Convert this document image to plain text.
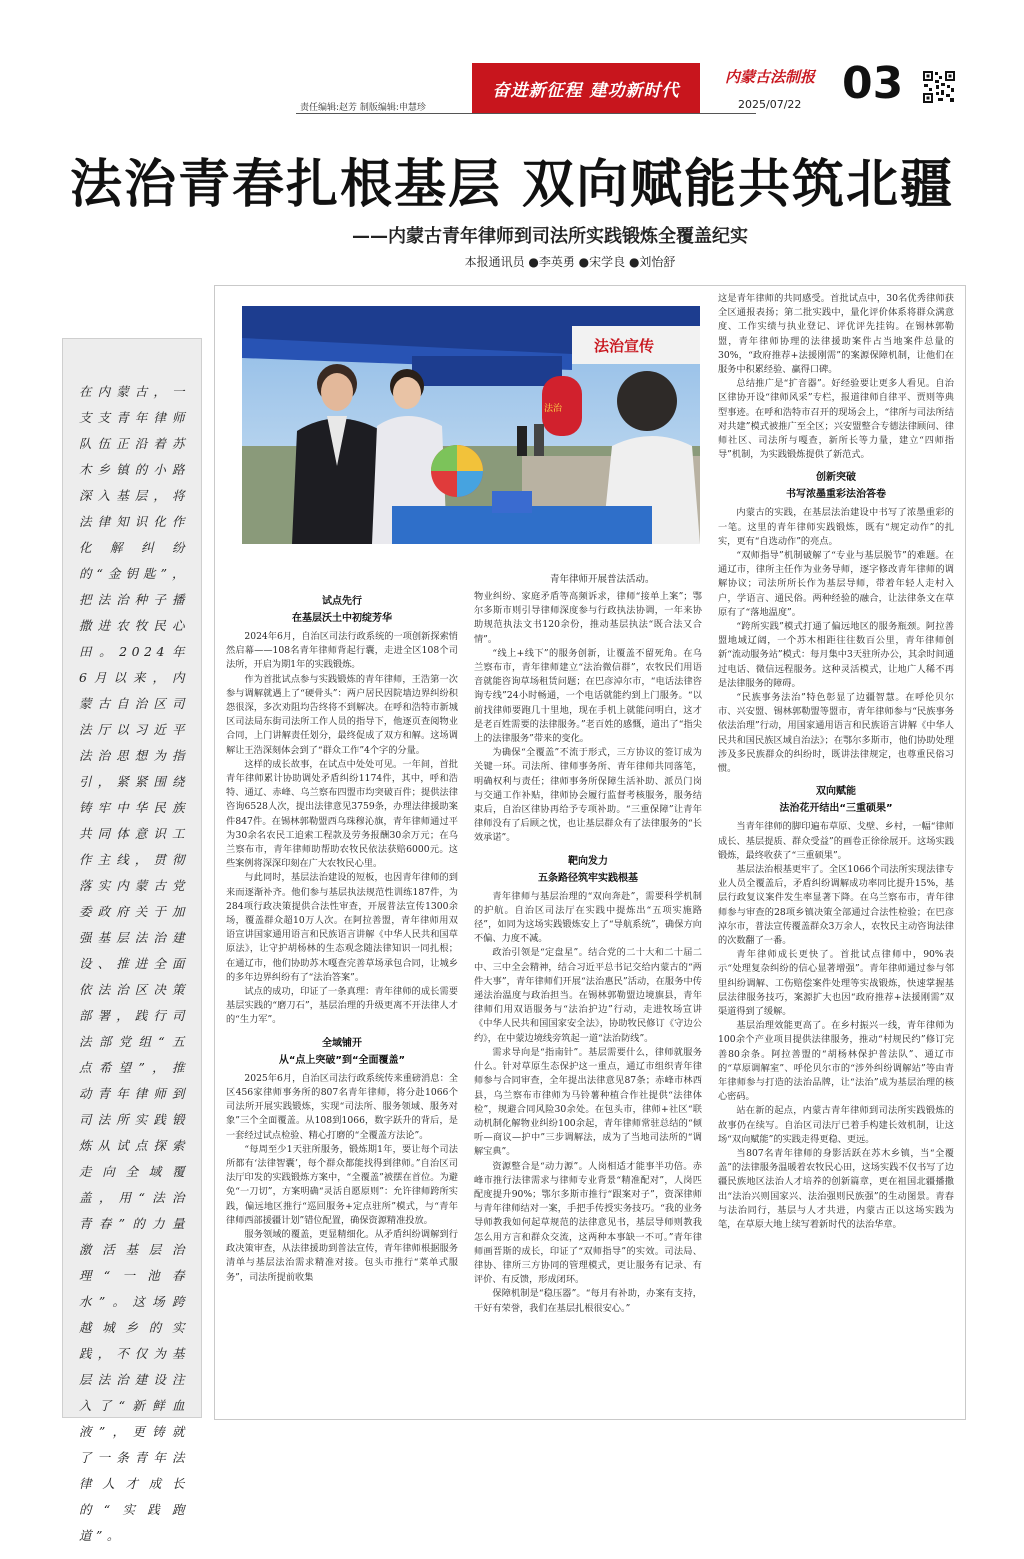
责任编辑:赵芳 制版编辑:申慧珍
奋进新征程 建功新时代
内蒙古法制报
2025/07/22 03
法治青春扎根基层 双向赋能共筑北疆
——内蒙古青年律师到司法所实践锻炼全覆盖纪实
本报通讯员 ●李英勇 ●宋学良 ●刘怡舒
在内蒙古，一支支青年律师队伍正沿着苏木乡镇的小路深入基层，将法律知识化作化解纠纷的“金钥匙”，把法治种子播撒进农牧民心田。2024年6月以来，内蒙古自治区司法厅以习近平法治思想为指引，紧紧围绕铸牢中华民族共同体意识工作主线，贯彻落实内蒙古党委政府关于加强基层法治建设、推进全面依法治区决策部署，践行司法部党组“五点希望”，推动青年律师到司法所实践锻炼从试点探索走向全域覆盖，用“法治青春”的力量激活基层治理“一池春水”。这场跨越城乡的实践，不仅为基层法治建设注入了“新鲜血液”，更铸就了一条青年法律人才成长的“实践跑道”。
法治宣传
法治
青年律师开展普法活动。
试点先行
在基层沃土中初绽芳华

2024年6月，自治区司法行政系统的一项创新探索悄然启幕——108名青年律师背起行囊，走进全区108个司法所，开启为期1年的实践锻炼。

作为首批试点参与实践锻炼的青年律师，王浩第一次参与调解就遇上了“硬骨头”：两户居民因院墙边界纠纷积怨很深，多次劝阻均告终将不到解决。在呼和浩特市新城区司法局东街司法所工作人员的指导下，他逐页查阅物业合同，上门讲解责任划分，最终促成了双方和解。这场调解让王浩深刻体会到了“群众工作”4个字的分量。

这样的成长故事，在试点中处处可见。一年间，首批青年律师累计协助调处矛盾纠纷1174件，其中，呼和浩特、通辽、赤峰、乌兰察布四盟市均突破百件；提供法律咨询6528人次，提出法律意见3759条，办理法律援助案件847件。在锡林郭勒盟西乌珠穆沁旗，青年律师通过平为30余名农民工追索工程款及劳务报酬30余万元；在乌兰察布市，青年律师助帮助农牧民依法获赔6000元。这些案例将深深印刻在广大农牧民心里。

与此同时，基层法治建设的短板，也因青年律师的到来而逐渐补齐。他们参与基层执法规范性训练187件，为284项行政决策提供合法性审查，开展普法宣传1300余场，覆盖群众超10万人次。在阿拉善盟，青年律师用双语宣讲国家通用语言和民族语言讲解《中华人民共和国草原法》，让守护胡杨林的生态观念随法律知识一同扎根；在通辽市，他们协助苏木嘎查完善草场承包合同，让城乡的多年边界纠纷有了“法治答案”。

试点的成功，印证了一条真理：青年律师的成长需要基层实践的“磨刀石”，基层治理的升级更离不开法律人才的“生力军”。

全域铺开
从“点上突破”到“全面覆盖”

2025年6月，自治区司法行政系统传来重磅消息：全区456家律师事务所的807名青年律师，将分赴1066个司法所开展实践锻炼，实现“司法所、服务领域、服务对象”三个全面覆盖。从108到1066，数字跃升的背后，是一套经过试点检验、精心打磨的“全覆盖方法论”。

“每周至少1天驻所服务，锻炼期1年，要让每个司法所都有‘法律智囊’，每个群众都能找得到律师。”自治区司法厅印发的实践锻炼方案中，“全覆盖”被摆在首位。为避免“一刀切”，方案明确“灵活自愿原则”：允许律师跨所实践，偏远地区推行“巡回服务+定点驻所”模式，与“青年律师西部援疆计划”错位配置，确保资源精准投放。

服务领域的覆盖，更显精细化。从矛盾纠纷调解到行政决策审查，从法律援助到普法宣传，青年律师根据服务清单与基层法治需求精准对接。包头市推行“菜单式服务”，司法所提前收集

物业纠纷、家庭矛盾等高频诉求，律师“接单上案”；鄂尔多斯市则引导律师深度参与行政执法协调，一年来协助规范执法文书120余份，推动基层执法“既合法又合情”。

“线上+线下”的服务创新，让覆盖不留死角。在乌兰察布市，青年律师建立“法治微信群”，农牧民们用语音就能咨询草场租赁问题；在巴彦淖尔市，“电话法律咨询专线”24小时畅通，一个电话就能约到上门服务。“以前找律师要跑几十里地，现在手机上就能问明白，这才是老百姓需要的法律服务。”老百姓的感慨，道出了“指尖上的法律服务”带来的变化。

为确保“全覆盖”不流于形式，三方协议的签订成为关键一环。司法所、律师事务所、青年律师共同落笔，明确权利与责任；律师事务所保障生活补助、派员门岗与交通工作补贴，律师协会履行监督考核服务，服务结束后，自治区律协再给予专项补助。“三重保障”让青年律师没有了后顾之忧，也让基层群众有了法律服务的“长效承诺”。

靶向发力
五条路径筑牢实践根基

青年律师与基层治理的“双向奔赴”，需要科学机制的护航。自治区司法厅在实践中提炼出“五项实施路径”，如同为这场实践锻炼安上了“导航系统”，确保方向不偏、力度不减。

政治引领是“定盘星”。结合党的二十大和二十届二中、三中全会精神，结合习近平总书记交给内蒙古的“两件大事”，青年律师们开展“法治惠民”活动，在服务中传递法治温度与政治担当。在锡林郭勒盟边境旗县，青年律师们用双语服务与“法治护边”行动，走进牧场宣讲《中华人民共和国国家安全法》，协助牧民修订《守边公约》，在中蒙边境线旁筑起一道“法治防线”。

需求导向是“指南针”。基层需要什么，律师就服务什么。针对草原生态保护这一重点，通辽市组织青年律师参与合同审查，全年提出法律意见87条；赤峰市林西县，乌兰察布市律师为马铃薯种植合作社提供“法律体检”，规避合同风险30余处。在包头市，律师+社区“联动机制化解物业纠纷100余起，青年律师常驻总结的“倾听—商议—护中”三步调解法，成为了当地司法所的“调解宝典”。

资源整合是“动力源”。人岗相适才能事半功倍。赤峰市推行法律需求与律师专业背景“精准配对”，人岗匹配度提升90%；鄂尔多斯市推行“跟案对子”，资深律师与青年律师结对一案，手把手传授实务技巧。“我的业务导师教我如何起草规范的法律意见书，基层导师则教我怎么用方言和群众交流，这两种本事缺一不可。”青年律师画晋斯的成长，印证了“双师指导”的实效。司法局、律协、律所三方协同的管理模式，更让服务有记录、有评价、有反馈，形成闭环。

保障机制是“稳压器”。“每月有补助，办案有支持，干好有荣誉，我们在基层扎根很安心。”

这是青年律师的共同感受。首批试点中，30名优秀律师获全区通报表扬；第二批实践中，量化评价体系将群众满意度、工作实绩与执业登记、评优评先挂钩。在锡林郭勒盟，青年律师协理的法律援助案件占当地案件总量的30%，“政府推荐+法援刚需”的案源保障机制，让他们在服务中积累经验、赢得口碑。

总结推广是“扩音器”。好经验要让更多人看见。自治区律协开设“律师风采”专栏，报道律师自律平、贾则等典型事迹。在呼和浩特市召开的现场会上，“律所与司法所结对共建”模式被推广至全区；兴安盟整合专德法律顾问、律师社区、司法所与嘎查，新所长等力量，建立“四师指导”机制，为实践锻炼提供了新范式。

创新突破
书写浓墨重彩法治答卷

内蒙古的实践，在基层法治建设中书写了浓墨重彩的一笔。这里的青年律师实践锻炼，既有“规定动作”的扎实，更有“自选动作”的亮点。

“双师指导”机制破解了“专业与基层脱节”的难题。在通辽市，律所主任作为业务导师，逐字修改青年律师的调解协议；司法所所长作为基层导师，带着年轻人走村入户，学语言、通民俗。两种经验的融合，让法律条文在草原有了“落地温度”。

“跨所实践”模式打通了偏远地区的服务瓶颈。阿拉善盟地域辽阔，一个苏木相距往往数百公里，青年律师创新“流动服务站”模式：每月集中3天驻所办公，其余时间通过电话、微信远程服务。这种灵活模式，让地广人稀不再是法律服务的障碍。

“民族事务法治”特色彰显了边疆智慧。在呼伦贝尔市、兴安盟、锡林郭勒盟等盟市，青年律师参与“民族事务依法治理”行动，用国家通用语言和民族语言讲解《中华人民共和国民族区域自治法》；在鄂尔多斯市，他们协助处理涉及多民族群众的纠纷时，既讲法律规定，也尊重民俗习惯。

双向赋能
法治花开结出“三重硕果”

当青年律师的脚印遍布草原、戈壁、乡村，一幅“律师成长、基层提质、群众受益”的画卷正徐徐展开。这场实践锻炼，最终收获了“三重硕果”。

基层法治根基更牢了。全区1066个司法所实现法律专业人员全覆盖后，矛盾纠纷调解成功率同比提升15%，基层行政复议案件发生率显著下降。在乌兰察布市，青年律师参与审查的28项乡镇决策全部通过合法性检验；在巴彦淖尔市，普法宣传覆盖群众3万余人，农牧民主动咨询法律的次数翻了一番。

青年律师成长更快了。首批试点律师中，90%表示“处理复杂纠纷的信心显著增强”。青年律师通过参与邻里纠纷调解、工伤赔偿案件处理等实战锻炼，快速掌握基层法律服务技巧，案源扩大也因“政府推荐+法援刚需”双渠道得到了缓解。

基层治理效能更高了。在乡村振兴一线，青年律师为100余个产业项目提供法律服务，推动“村规民约”修订完善80余条。阿拉善盟的“胡杨林保护普法队”、通辽市的“草原调解室”、呼伦贝尔市的“涉外纠纷调解站”等由青年律师参与打造的法治品牌，让“法治”成为基层治理的核心密码。

站在新的起点，内蒙古青年律师到司法所实践锻炼的故事仍在续写。自治区司法厅已着手构建长效机制，让这场“双向赋能”的实践走得更稳、更远。

当807名青年律师的身影活跃在苏木乡镇，当“全覆盖”的法律服务温暖着农牧民心田，这场实践不仅书写了边疆民族地区法治人才培养的创新篇章，更在祖国北疆播撒出“法治兴则国家兴、法治强则民族强”的生动图景。青春与法治同行，基层与人才共进，内蒙古正以这场实践为笔，在草原大地上续写着新时代的法治华章。
